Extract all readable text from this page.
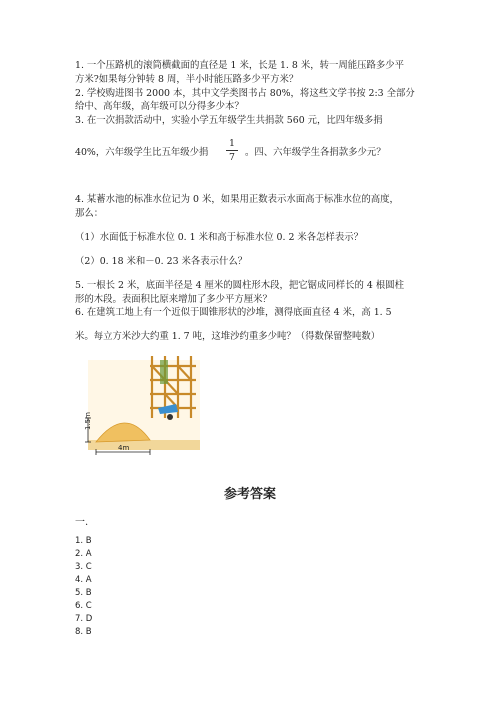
1. 一个压路机的滚筒横截面的直径是 1 米，长是 1. 8 米，转一周能压路多少平
方米?如果每分钟转 8 周，半小时能压路多少平方米？
2. 学校购进图书 2000 本，其中文学类图书占 80%，将这些文学书按 2:3 全部分
给中、高年级，高年级可以分得多少本？
3. 在一次捐款活动中，实验小学五年级学生共捐款 560 元，比四年级多捐
40%，六年级学生比五年级少捐
1
7	。四、六年级学生各捐款多少元？
4. 某蓄水池的标准水位记为 0 米，如果用正数表示水面高于标准水位的高度，
那么：
（1）水面低于标准水位 0. 1 米和高于标准水位 0. 2 米各怎样表示？
（2）0. 18 米和－0. 23 米各表示什么？
5. 一根长 2 米，底面半径是 4 厘米的圆柱形木段，把它锯成同样长的 4 根圆柱
形的木段。表面积比原来增加了多少平方厘米？
6. 在建筑工地上有一个近似于圆锥形状的沙堆，测得底面直径 4 米，高 1. 5
米。每立方米沙大约重 1. 7 吨，这堆沙约重多少吨？（得数保留整吨数）
1.5m
4m
参考答案
一.
1. B
2. A
3. C
4. A
5. B
6. C
7. D
8. B
